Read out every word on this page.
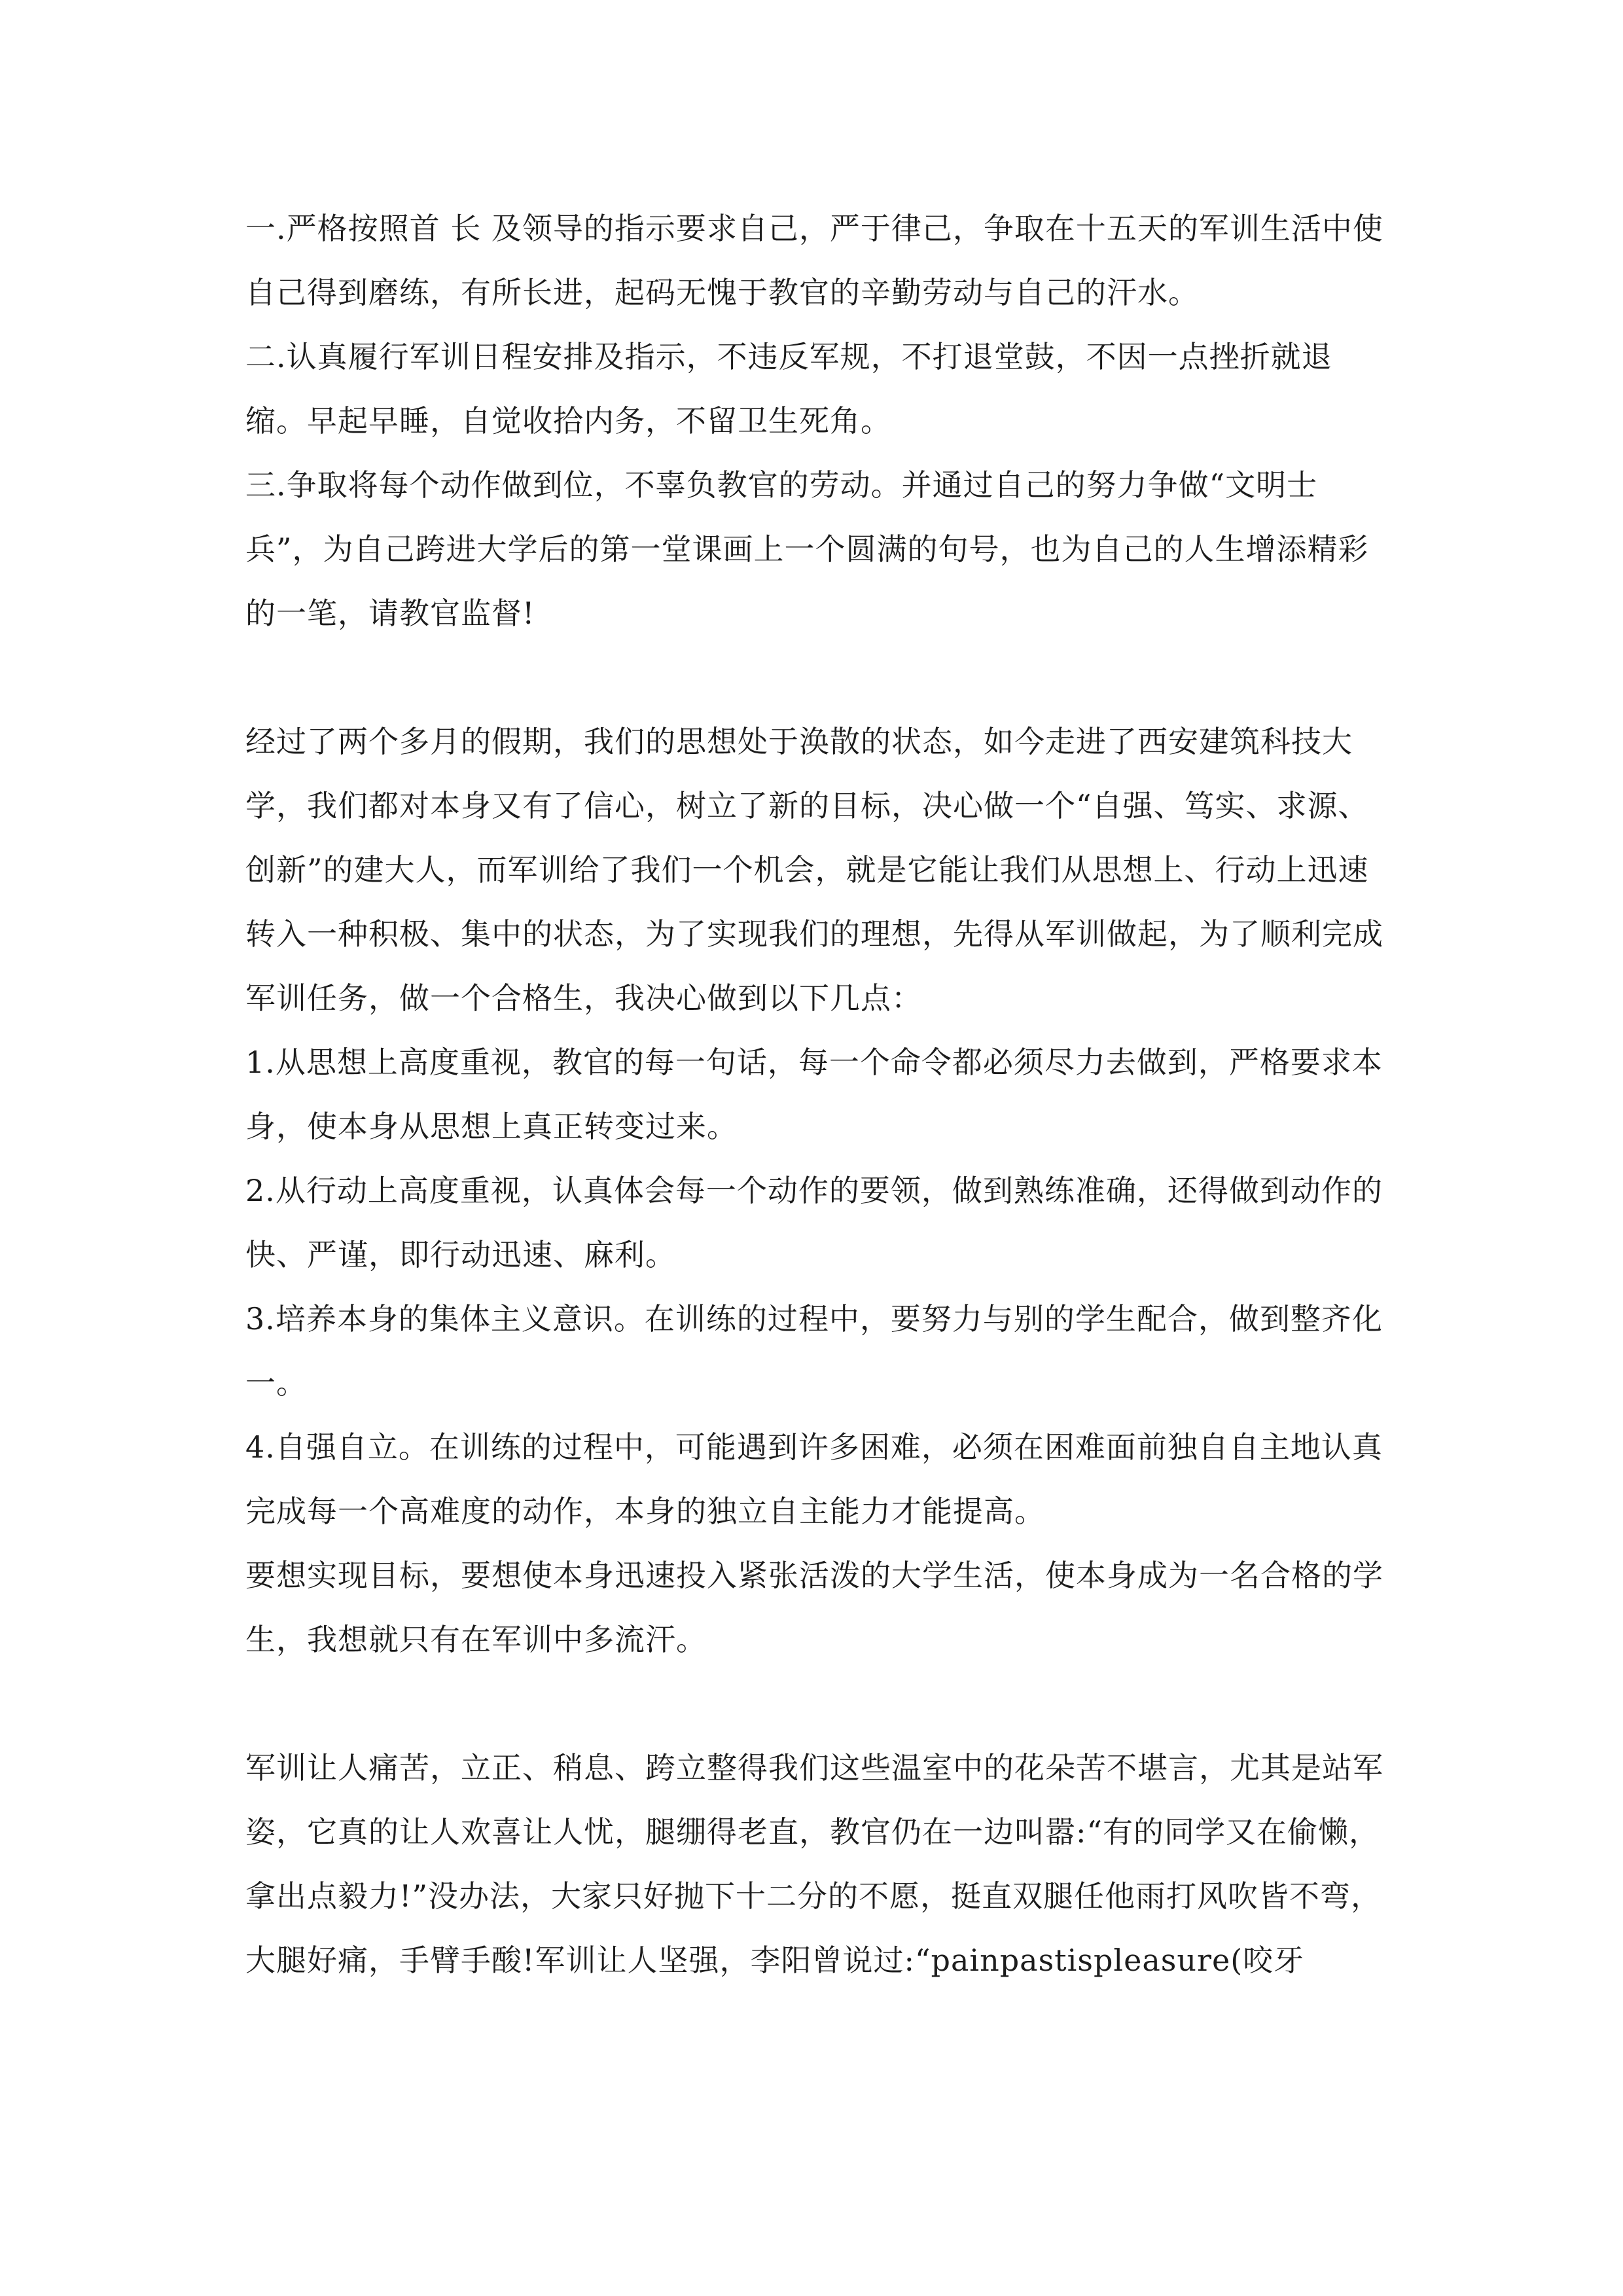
一.严格按照首 长 及领导的指示要求自己，严于律己，争取在十五天的军训生活中使自己得到磨练，有所长进，起码无愧于教官的辛勤劳动与自己的汗水。

二.认真履行军训日程安排及指示，不违反军规，不打退堂鼓，不因一点挫折就退缩。早起早睡，自觉收拾内务，不留卫生死角。

三.争取将每个动作做到位，不辜负教官的劳动。并通过自己的努力争做“文明士兵”，为自己跨进大学后的第一堂课画上一个圆满的句号，也为自己的人生增添精彩的一笔，请教官监督!

经过了两个多月的假期，我们的思想处于涣散的状态，如今走进了西安建筑科技大学，我们都对本身又有了信心，树立了新的目标，决心做一个“自强、笃实、求源、创新”的建大人，而军训给了我们一个机会，就是它能让我们从思想上、行动上迅速转入一种积极、集中的状态，为了实现我们的理想，先得从军训做起，为了顺利完成军训任务，做一个合格生，我决心做到以下几点：

1.从思想上高度重视，教官的每一句话，每一个命令都必须尽力去做到，严格要求本身，使本身从思想上真正转变过来。

2.从行动上高度重视，认真体会每一个动作的要领，做到熟练准确，还得做到动作的快、严谨，即行动迅速、麻利。

3.培养本身的集体主义意识。在训练的过程中，要努力与别的学生配合，做到整齐化一。

4.自强自立。在训练的过程中，可能遇到许多困难，必须在困难面前独自自主地认真完成每一个高难度的动作，本身的独立自主能力才能提高。

要想实现目标，要想使本身迅速投入紧张活泼的大学生活，使本身成为一名合格的学生，我想就只有在军训中多流汗。

军训让人痛苦，立正、稍息、跨立整得我们这些温室中的花朵苦不堪言，尤其是站军姿，它真的让人欢喜让人忧，腿绷得老直，教官仍在一边叫嚣:“有的同学又在偷懒，拿出点毅力!”没办法，大家只好抛下十二分的不愿，挺直双腿任他雨打风吹皆不弯，

大腿好痛，手臂手酸!军训让人坚强，李阳曾说过:“painpastispleasure(咬牙
